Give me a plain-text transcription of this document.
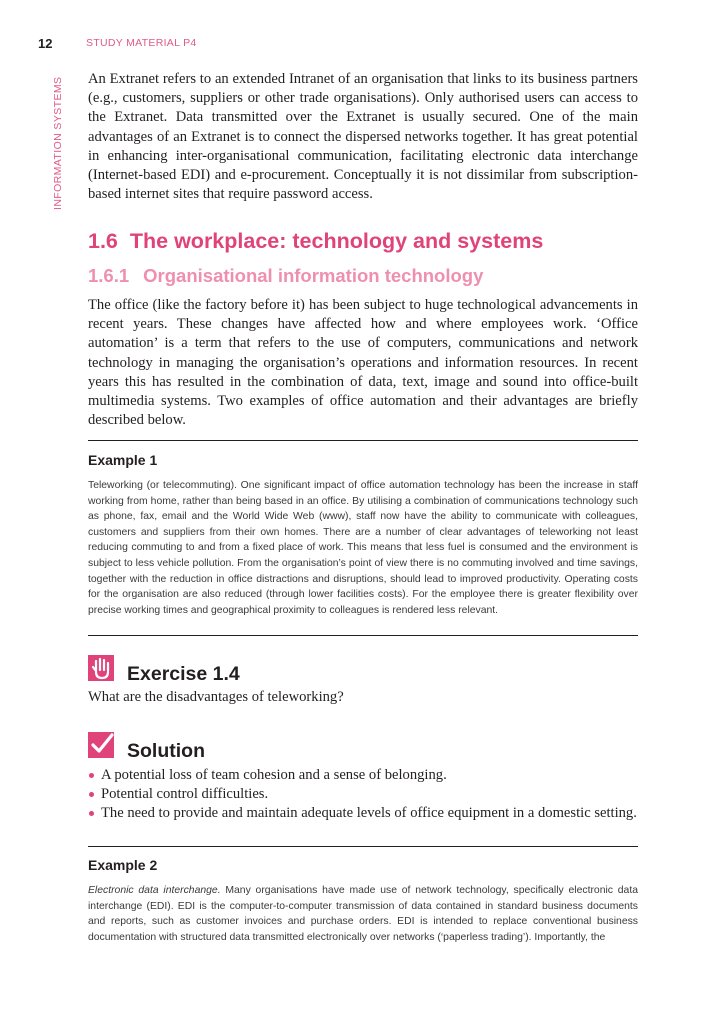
12	STUDY MATERIAL P4
INFORMATION SYSTEMS An Extranet refers to an extended Intranet of an organisation that links to its business partners (e.g., customers, suppliers or other trade organisations). Only authorised users can access to the Extranet. Data transmitted over the Extranet is usually secured. One of the main advantages of an Extranet is to connect the dispersed networks together. It has great potential in enhancing inter-organisational communication, facilitating electronic data interchange (Internet-based EDI) and e-procurement. Conceptually it is not dissimilar from subscription-based internet sites that require password access.

1.6 The workplace: technology and systems
1.6.1 Organisational information technology

The office (like the factory before it) has been subject to huge technological advancements in recent years. These changes have affected how and where employees work. ‘Office automation’ is a term that refers to the use of computers, communications and network technology in managing the organisation’s operations and information resources. In recent years this has resulted in the combination of data, text, image and sound into office-built multimedia systems. Two examples of office automation and their advantages are briefly described below.

Example 1

Teleworking (or telecommuting). One significant impact of office automation technology has been the increase in staff working from home, rather than being based in an office. By utilising a combination of communications technology such as phone, fax, email and the World Wide Web (www), staff now have the ability to communicate with colleagues, customers and suppliers from their own homes. There are a number of clear advantages of teleworking not least reducing commuting to and from a fixed place of work. This means that less fuel is consumed and the environment is subject to less vehicle pollution. From the organisation’s point of view there is no commuting involved and time savings, together with the reduction in office distractions and disruptions, should lead to improved productivity. Operating costs for the organisation are also reduced (through lower facilities costs). For the employee there is greater flexibility over precise working times and geographical proximity to colleagues is rendered less relevant.

Exercise 1.4

What are the disadvantages of teleworking?

Solution
A potential loss of team cohesion and a sense of belonging.
Potential control difficulties.
The need to provide and maintain adequate levels of office equipment in a domestic setting.
Example 2

Electronic data interchange. Many organisations have made use of network technology, specifically electronic data interchange (EDI). EDI is the computer-to-computer transmission of data contained in standard business documents and reports, such as customer invoices and purchase orders. EDI is intended to replace conventional business documentation with structured data transmitted electronically over networks (‘paperless trading’). Importantly, the
